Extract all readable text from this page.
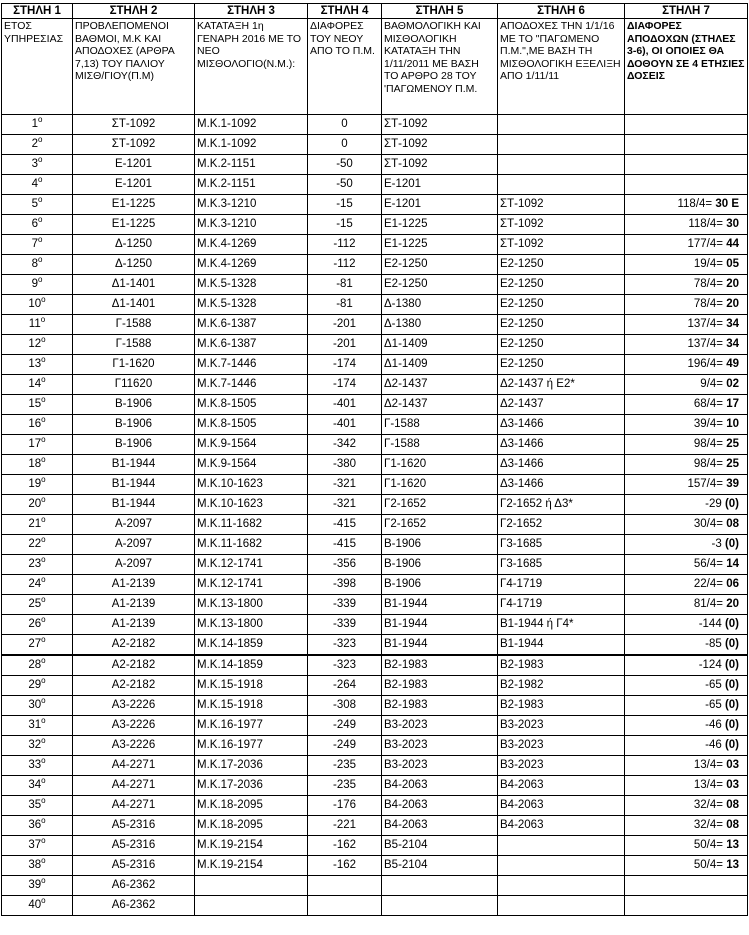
ΣΤΗΛΗ 1	ΣΤΗΛΗ 2	ΣΤΗΛΗ 3	ΣΤΗΛΗ 4	ΣΤΗΛΗ 5	ΣΤΗΛΗ 6	ΣΤΗΛΗ 7
ΕΤΟΣ ΥΠΗΡΕΣΙΑΣ	ΠΡΟΒΛΕΠΟΜΕΝΟΙ ΒΑΘΜΟΙ, Μ.Κ ΚΑΙ ΑΠΟΔΟΧΕΣ (ΑΡΘΡΑ 7,13) ΤΟΥ ΠΑΛΙΟΥ ΜΙΣΘ/ΓΙΟΥ(Π.Μ)	ΚΑΤΑΤΑΞΗ 1η ΓΕΝΑΡΗ 2016 ΜΕ ΤΟ ΝΕΟ ΜΙΣΘΟΛΟΓΙΟ(Ν.Μ.):	ΔΙΑΦΟΡΕΣ ΤΟΥ ΝΕΟΥ ΑΠΟ ΤΟ Π.Μ.	ΒΑΘΜΟΛΟΓΙΚΗ ΚΑΙ ΜΙΣΘΟΛΟΓΙΚΗ ΚΑΤΑΤΑΞΗ ΤΗΝ 1/11/2011 ΜΕ ΒΑΣΗ ΤΟ ΑΡΘΡΟ 28 ΤΟΥ 'ΠΑΓΩΜΕΝΟΥ Π.Μ.	ΑΠΟΔΟΧΕΣ ΤΗΝ 1/1/16 ΜΕ ΤΟ "ΠΑΓΩΜΕΝΟ Π.Μ.",ΜΕ ΒΑΣΗ ΤΗ ΜΙΣΘΟΛΟΓΙΚΗ ΕΞΕΛΙΞΗ ΑΠΟ 1/11/11	ΔΙΑΦΟΡΕΣ ΑΠΟΔΟΧΩΝ (ΣΤΗΛΕΣ 3-6), ΟΙ ΟΠΟΙΕΣ ΘΑ ΔΟΘΟΥΝ ΣΕ 4 ΕΤΗΣΙΕΣ ΔΟΣΕΙΣ
1$^o$	ΣΤ-1092	Μ.Κ.1-1092	0	ΣΤ-1092		
2$^o$	ΣΤ-1092	Μ.Κ.1-1092	0	ΣΤ-1092		
3$^o$	Ε-1201	Μ.Κ.2-1151	-50	ΣΤ-1092		
4$^o$	Ε-1201	Μ.Κ.2-1151	-50	Ε-1201		
5$^o$	Ε1-1225	Μ.Κ.3-1210	-15	Ε-1201	ΣΤ-1092	118/4= 30 Ε
6$^o$	Ε1-1225	Μ.Κ.3-1210	-15	Ε1-1225	ΣΤ-1092	118/4= 30
7$^o$	Δ-1250	Μ.Κ.4-1269	-112	Ε1-1225	ΣΤ-1092	177/4= 44
8$^o$	Δ-1250	Μ.Κ.4-1269	-112	Ε2-1250	Ε2-1250	19/4= 05
9$^o$	Δ1-1401	Μ.Κ.5-1328	-81	Ε2-1250	Ε2-1250	78/4= 20
10$^o$	Δ1-1401	Μ.Κ.5-1328	-81	Δ-1380	Ε2-1250	78/4= 20
11$^o$	Γ-1588	Μ.Κ.6-1387	-201	Δ-1380	Ε2-1250	137/4= 34
12$^o$	Γ-1588	Μ.Κ.6-1387	-201	Δ1-1409	Ε2-1250	137/4= 34
13$^o$	Γ1-1620	Μ.Κ.7-1446	-174	Δ1-1409	Ε2-1250	196/4= 49
14$^o$	Γ11620	Μ.Κ.7-1446	-174	Δ2-1437	Δ2-1437 ή Ε2*	9/4= 02
15$^o$	Β-1906	Μ.Κ.8-1505	-401	Δ2-1437	Δ2-1437	68/4= 17
16$^o$	Β-1906	Μ.Κ.8-1505	-401	Γ-1588	Δ3-1466	39/4= 10
17$^o$	Β-1906	Μ.Κ.9-1564	-342	Γ-1588	Δ3-1466	98/4= 25
18$^o$	Β1-1944	Μ.Κ.9-1564	-380	Γ1-1620	Δ3-1466	98/4= 25
19$^o$	Β1-1944	Μ.Κ.10-1623	-321	Γ1-1620	Δ3-1466	157/4= 39
20$^o$	Β1-1944	Μ.Κ.10-1623	-321	Γ2-1652	Γ2-1652 ή Δ3*	-29 (0)
21$^o$	Α-2097	Μ.Κ.11-1682	-415	Γ2-1652	Γ2-1652	30/4= 08
22$^o$	Α-2097	Μ.Κ.11-1682	-415	Β-1906	Γ3-1685	-3 (0)
23$^o$	Α-2097	Μ.Κ.12-1741	-356	Β-1906	Γ3-1685	56/4= 14
24$^o$	Α1-2139	Μ.Κ.12-1741	-398	Β-1906	Γ4-1719	22/4= 06
25$^o$	Α1-2139	Μ.Κ.13-1800	-339	Β1-1944	Γ4-1719	81/4= 20
26$^o$	Α1-2139	Μ.Κ.13-1800	-339	Β1-1944	Β1-1944 ή Γ4*	-144 (0)
27$^o$	Α2-2182	Μ.Κ.14-1859	-323	Β1-1944	Β1-1944	-85 (0)
28$^o$	Α2-2182	Μ.Κ.14-1859	-323	Β2-1983	Β2-1983	-124 (0)
29$^o$	Α2-2182	Μ.Κ.15-1918	-264	Β2-1983	Β2-1982	-65 (0)
30$^o$	Α3-2226	Μ.Κ.15-1918	-308	Β2-1983	Β2-1983	-65 (0)
31$^o$	Α3-2226	Μ.Κ.16-1977	-249	Β3-2023	Β3-2023	-46 (0)
32$^o$	Α3-2226	Μ.Κ.16-1977	-249	Β3-2023	Β3-2023	-46 (0)
33$^o$	Α4-2271	Μ.Κ.17-2036	-235	Β3-2023	Β3-2023	13/4= 03
34$^o$	Α4-2271	Μ.Κ.17-2036	-235	Β4-2063	Β4-2063	13/4= 03
35$^o$	Α4-2271	Μ.Κ.18-2095	-176	Β4-2063	Β4-2063	32/4= 08
36$^o$	Α5-2316	Μ.Κ.18-2095	-221	Β4-2063	Β4-2063	32/4= 08
37$^o$	Α5-2316	Μ.Κ.19-2154	-162	Β5-2104		50/4= 13
38$^o$	Α5-2316	Μ.Κ.19-2154	-162	Β5-2104		50/4= 13
39$^o$	Α6-2362					
40$^o$	Α6-2362					
